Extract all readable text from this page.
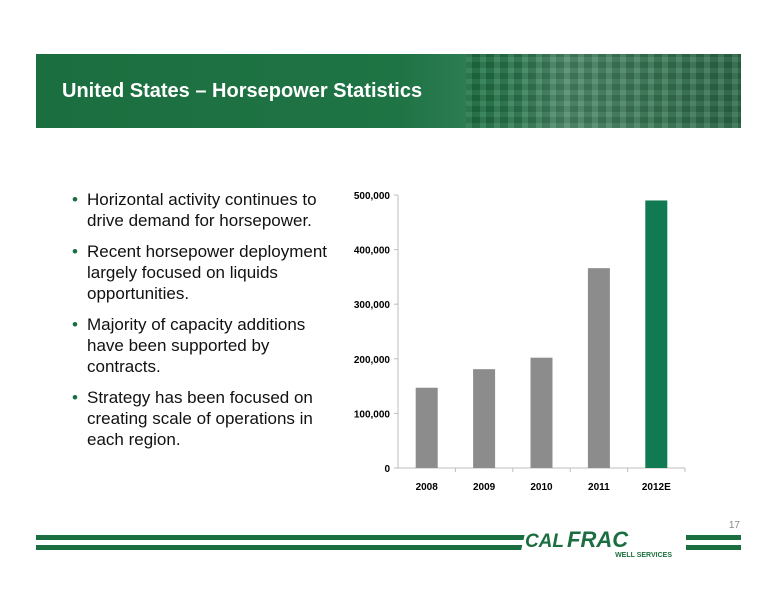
United States – Horsepower Statistics
• Horizontal activity continues to drive demand for horsepower.
• Recent horsepower deployment largely focused on liquids opportunities.
• Majority of capacity additions have been supported by contracts.
• Strategy has been focused on creating scale of operations in each region.
0
100,000
200,000
300,000
400,000
500,000
2008	2009	2010	2011	2012E
17
CAL FRAC
WELL SERVICES
